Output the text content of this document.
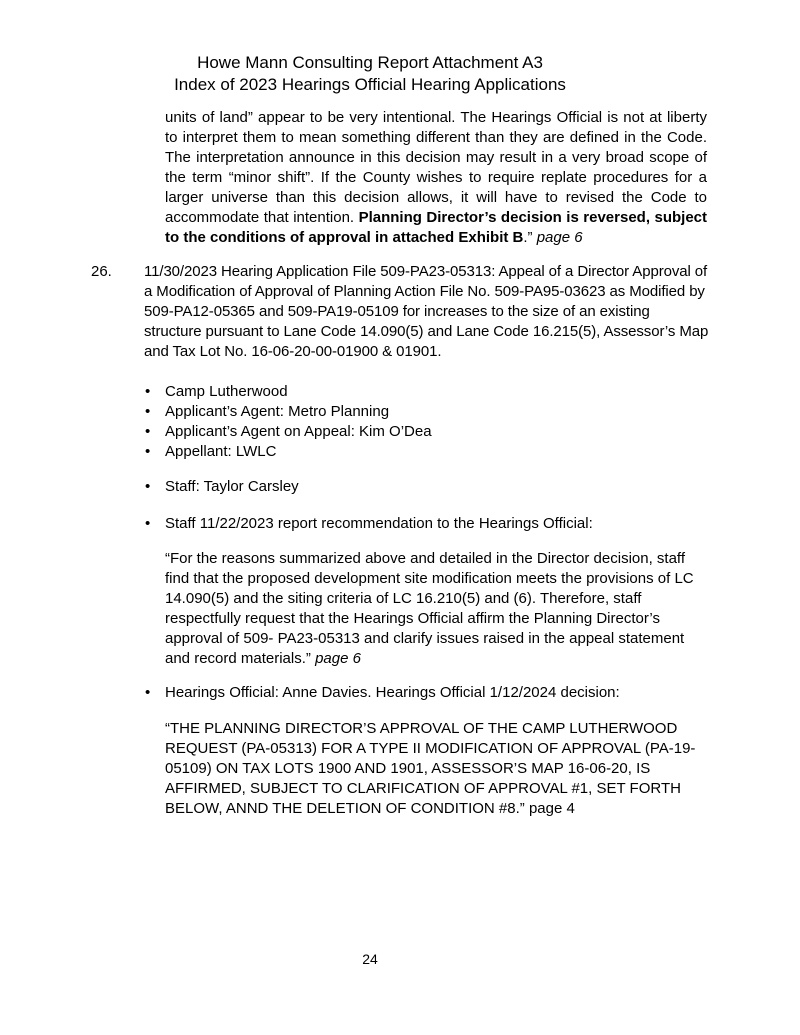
Howe Mann Consulting Report Attachment A3
Index of 2023 Hearings Official Hearing Applications
units of land” appear to be very intentional. The Hearings Official is not at liberty to interpret them to mean something different than they are defined in the Code. The interpretation announce in this decision may result in a very broad scope of the term “minor shift”. If the County wishes to require replate procedures for a larger universe than this decision allows, it will have to revised the Code to accommodate that intention. Planning Director’s decision is reversed, subject to the conditions of approval in attached Exhibit B.” page 6
26. 11/30/2023 Hearing Application File 509-PA23-05313: Appeal of a Director Approval of a Modification of Approval of Planning Action File No. 509-PA95-03623 as Modified by 509-PA12-05365 and 509-PA19-05109 for increases to the size of an existing structure pursuant to Lane Code 14.090(5) and Lane Code 16.215(5), Assessor’s Map and Tax Lot No. 16-06-20-00-01900 & 01901.
• Camp Lutherwood
• Applicant’s Agent: Metro Planning
• Applicant’s Agent on Appeal: Kim O’Dea
• Appellant: LWLC
• Staff: Taylor Carsley
• Staff 11/22/2023 report recommendation to the Hearings Official:
“For the reasons summarized above and detailed in the Director decision, staff find that the proposed development site modification meets the provisions of LC 14.090(5) and the siting criteria of LC 16.210(5) and (6). Therefore, staff respectfully request that the Hearings Official affirm the Planning Director’s approval of 509- PA23-05313 and clarify issues raised in the appeal statement and record materials.” page 6
• Hearings Official: Anne Davies. Hearings Official 1/12/2024 decision:
“THE PLANNING DIRECTOR’S APPROVAL OF THE CAMP LUTHERWOOD REQUEST (PA-05313) FOR A TYPE II MODIFICATION OF APPROVAL (PA-19-05109) ON TAX LOTS 1900 AND 1901, ASSESSOR’S MAP 16-06-20, IS AFFIRMED, SUBJECT TO CLARIFICATION OF APPROVAL #1, SET FORTH BELOW, ANND THE DELETION OF CONDITION #8.” page 4
24
